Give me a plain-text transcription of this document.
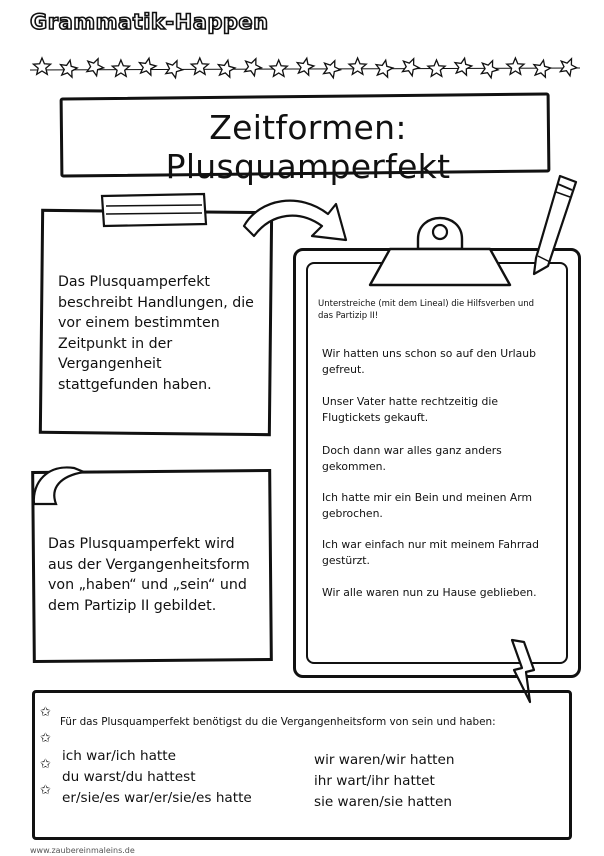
Grammatik-Happen
Zeitformen: Plusquamperfekt
Das Plusquamperfekt
beschreibt Handlungen, die
vor einem bestimmten
Zeitpunkt in der
Vergangenheit
stattgefunden haben.
Das Plusquamperfekt wird
aus der Vergangenheitsform
von „haben“ und „sein“ und
dem Partizip II gebildet.
Unterstreiche (mit dem Lineal) die Hilfsverben und
das Partizip II!
Wir hatten uns schon so auf den Urlaub
gefreut.
Unser Vater hatte rechtzeitig die
Flugtickets gekauft.
Doch dann war alles ganz anders
gekommen.
Ich hatte mir ein Bein und meinen Arm
gebrochen.
Ich war einfach nur mit meinem Fahrrad
gestürzt.
Wir alle waren nun zu Hause geblieben.
✩
✩
✩
✩
Für das Plusquamperfekt benötigst du die Vergangenheitsform von sein und haben:
ich war/ich hatte
du warst/du hattest
er/sie/es war/er/sie/es hatte
wir waren/wir hatten
ihr wart/ihr hattet
sie waren/sie hatten
www.zaubereinmaleins.de
